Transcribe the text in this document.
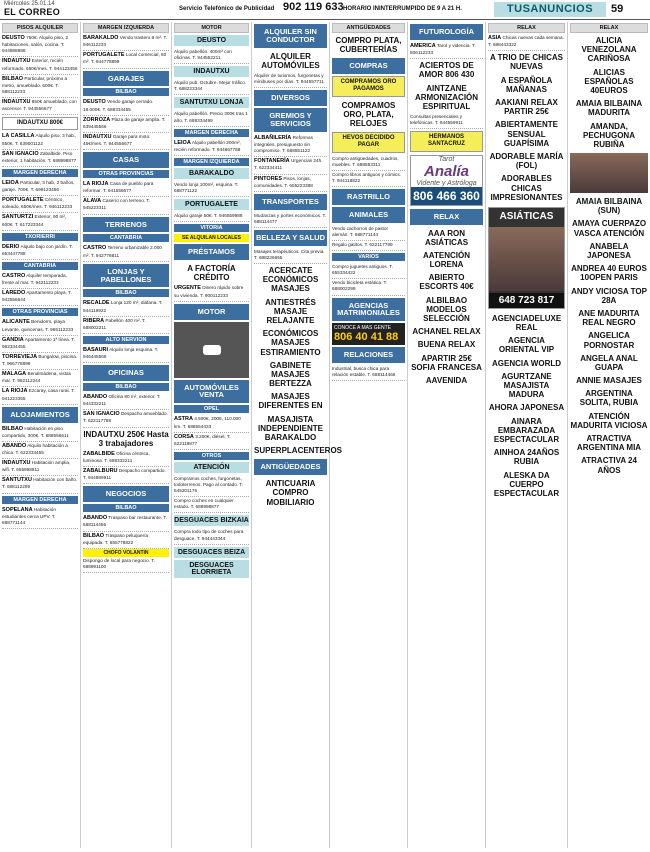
Miércoles 25.01.14
EL CORREO	Servicio Telefónico de Publicidad 902 119 633 HORARIO ININTERRUMPIDO DE 9 A 21 H.	TUSANUNCIOS	59
PISOS ALQUILER
DEUSTO 750€. Alquilo piso, 2 habitaciones, salón, cocina. T. 944888888
INDAUTXU Exterior, recién reformado. 650€/mes. T. 944123456
BILBAO Particular, próximo a metro, amueblado. 600€. T. 688112233
INDAUTXU 850€ amueblado, con ascensor. T. 944556677
INDAUTXU 800€
LA CASILLA Alquilo piso, 3 hab., 550€. T. 639001122
SAN IGNACIO Zabalbide. Piso exterior, 1 habitación. T. 688998877
MARGEN DERECHA
LEIOA Particular, 3 hab, 2 baños, garaje. 700€. T. 699123456
PORTUGALETE Céntrico, soleado, 650€/mes. T. 946112233
SANTURTZI Exterior, 90 m², 600€. T. 617223344
TXORIERRI
DERIO Alquilo bajo con jardín. T. 653447788
CANTABRIA
CASTRO Alquiler temporada, frente al mar. T. 942112233
LAREDO Apartamento playa. T. 942556644
OTRAS PROVINCIAS
ALICANTE Benidorm, playa Levante, quincenas. T. 965112233
GANDIA Apartamento 1ª línea. T. 962334455
TORREVIEJA Bungalow, piscina. T. 966778899
MALAGA Benalmádena, vistas mar. T. 952112244
LA RIOJA Ezcaray, casa rural. T. 941223355
ALOJAMIENTOS
BILBAO Habitación en piso compartido, 300€. T. 688556611
ABANDO Alquilo habitación a chica. T. 622334455
INDAUTXU Habitación amplia, wifi. T. 655998811
SANTUTXU Habitación con baño. T. 688112299
MARGEN DERECHA
SOPELANA Habitación estudiantes cerca UPV. T. 688771144
MARGEN IZQUIERDA
BARAKALDO Vendo trastero 8 m². T. 946112233
PORTUGALETE Local comercial, 60 m². T. 944778899
GARAJES
BILBAO
DEUSTO Vendo garaje cerrado. 18.000€. T. 688334455
ZORROZA Plaza de garaje amplia. T. 639445566
INDAUTXU Garaje para moto. 45€/mes. T. 944556677
CASAS
OTRAS PROVINCIAS
LA RIOJA Casa de pueblo para reformar. T. 941556677
ALAVA Caserío con terreno. T. 945223311
TERRENOS
CANTABRIA
CASTRO Terreno urbanizable 2.000 m². T. 942778811
LONJAS Y PABELLONES
BILBAO
RECALDE Lonja 120 m², diáfana. T. 944119922
RIBERA Pabellón 400 m². T. 688002211
ALTO NERVION
BASAURI Alquilo lonja esquina. T. 946445566
OFICINAS
BILBAO
ABANDO Oficina 80 m², exterior. T. 944332211
SAN IGNACIO Despacho amueblado. T. 622117788
INDAUTXU 250€ Hasta 3 trabajadores
ZABALBIDE Oficina céntrica, luminosa. T. 688332211
ZABALBURU Despacho compartido. T. 944889911
NEGOCIOS
BILBAO
ABANDO Traspaso bar restaurante. T. 688114455
BILBAO Traspaso peluquería equipada. T. 655778822
CHOFO VOLANTIN
Dispongo de local para negocio. T. 688991100
MOTOR
DEUSTO
Alquilo pabellón. 400m² con oficinas. T. 944552211
INDAUTXU
Alquilo pub. Octubre. Mejor tráfico. T. 688223344
SANTUTXU LONJA
Alquilo pabellón. Precio 300€ tras 1 año. T. 688334499
MARGEN DERECHA
LEIOA Alquilo pabellón 200m², recién reformado. T. 944667788
MARGEN IZQUIERDA
BARAKALDO
Vendo lonja 100m², esquina. T. 688771122
PORTUGALETE
Alquilo garaje 50€. T. 946559988
VITORIA
SE ALQUILAN LOCALES
PRÉSTAMOS
A FACTORÍA CRÉDITO
URGENTE Dinero rápido sobre su vivienda. T. 900112233
MOTOR
AUTOMÓVILES VENTA
OPEL
ASTRA 4.500€, 2008, 110.000 km. T. 688554433
CORSA 3.200€, diésel. T. 622118877
OTROS
ATENCIÓN
Compramos coches, furgonetas, todoterrenos. Pago al contado. T. 645201176
Compro coches en cualquier estado. T. 688998877
DESGUACES BIZKAIA
Compra todo tipo de coches para desguace. T. 944443344
DESGUACES BEIZA
DESGUACES ELORRIETA
ALQUILER SIN CONDUCTOR
ALQUILER AUTOMÓVILES
Alquiler de turismos, furgonetas y minibuses por días. T. 944557711
DIVERSOS
GREMIOS Y SERVICIOS
ALBAÑILERÍA Reformas integrales, presupuesto sin compromiso. T. 688551122
FONTANERÍA Urgencias 24h. T. 622334411
PINTORES Pisos, lonjas, comunidades. T. 655223388
TRANSPORTES
Mudanzas y portes económicos. T. 688114477
BELLEZA Y SALUD
Masajes terapéuticos. Cita previa. T. 688226655
ACERCATE ECONÓMICOS MASAJES
ANTIESTRÉS MASAJE RELAJANTE
ECONÓMICOS MASAJES ESTIRAMIENTO
GABINETE MASAJES BERTEZZA
MASAJES DIFERENTES EN
MASAJISTA INDEPENDIENTE BARAKALDO
SUPERPLACENTEROS
ANTIGÜEDADES
ANTICUARIA COMPRO MOBILIARIO
ANTIGÜEDADES
COMPRO PLATA, CUBERTERÍAS
COMPRAS
COMPRAMOS ORO PAGAMOS
COMPRAMOS ORO, PLATA, RELOJES
HEVOS DECIDIDO PAGAR
Compro antigüedades, cuadros, muebles. T. 688553311
Compro libros antiguos y cómics. T. 944118822
RASTRILLO
ANIMALES
Vendo cachorros de pastor alemán. T. 688771144
Regalo gatitos. T. 622117799
VARIOS
Compro juguetes antiguos. T. 655334422
Vendo bicicleta estática. T. 688002299
AGENCIAS MATRIMONIALES
CONOCE A MAS GENTE
806 40 41 88
RELACIONES
Industrial, busca chica para relación estable. T. 688114466
FUTUROLOGÍA
AMERICA Tarot y videncia. T. 806112233
ACIERTOS DE AMOR 806 430
AINTZANE ARMONIZACIÓN ESPIRITUAL
Consultas presenciales y telefónicas. T. 944559911
HERMANOS SANTACRUZ
Tarot
Analía
Vidente y Astróloga
806 466 360
RELAX
AAA RON ASIÁTICAS
AATENCIÓN LORENA
ABIERTO ESCORTS 40€
ALBILBAO MODELOS SELECCIÓN
ACHANEL RELAX
BUENA RELAX
APARTIR 25€ SOFIA FRANCESA
AAVENIDA
RELAX
ASIA Chicas nuevas cada semana. T. 688443322
A TRIO DE CHICAS NUEVAS
A ESPAÑOLA MAÑANAS
AAKIANI RELAX PARTIR 25€
ABIERTAMENTE SENSUAL GUAPÍSIMA
ADORABLE MARÍA (FOL)
ADORABLES CHICAS IMPRESIONANTES
ASIÁTICAS
648 723 817
AGENCIADELUXE REAL
AGENCIA ORIENTAL VIP
AGENCIA WORLD
AGURTZANE MASAJISTA MADURA
AHORA JAPONESA
AINARA EMBARAZADA ESPECTACULAR
AINHOA 24AÑOS RUBIA
ALESKA DA CUERPO ESPECTACULAR
RELAX
ALICIA VENEZOLANA CARIÑOSA
ALICIAS ESPAÑOLAS 40EUROS
AMAIA BILBAINA MADURITA
AMANDA, PECHUGONA RUBIÑA
AMAIA BILBAINA (SUN)
AMAYA CUERPAZO VASCA ATENCIÓN
ANABELA JAPONESA
ANDREA 40 EUROS 10OPEN PARIS
ANDY VICIOSA TOP 28A
ANE MADURITA REAL NEGRO
ANGELICA PORNOSTAR
ANGELA ANAL GUAPA
ANNIE MASAJES
ARGENTINA SOLITA, RUBIA
ATENCIÓN MADURITA VICIOSA
ATRACTIVA ARGENTINA MIA
ATRACTIVA 24 AÑOS
